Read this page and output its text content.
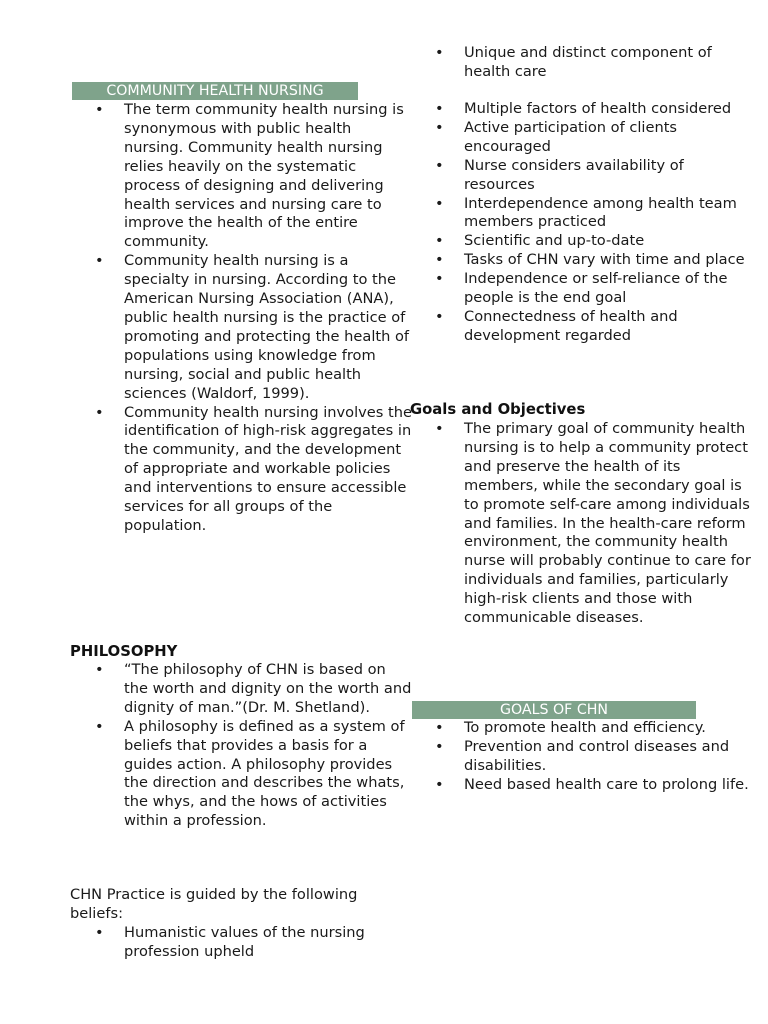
COMMUNITY HEALTH NURSING
• The term community health nursing is synonymous with public health nursing. Community health nursing relies heavily on the systematic process of designing and delivering health services and nursing care to improve the health of the entire community.
• Community health nursing is a specialty in nursing. According to the American Nursing Association (ANA), public health nursing is the practice of promoting and protecting the health of populations using knowledge from nursing, social and public health sciences (Waldorf, 1999).
• Community health nursing involves the identification of high-risk aggregates in the community, and the development of appropriate and workable policies and interventions to ensure accessible services for all groups of the population.
PHILOSOPHY
• “The philosophy of CHN is based on the worth and dignity on the worth and dignity of man.”(Dr. M. Shetland).
• A philosophy is defined as a system of beliefs that provides a basis for a guides action. A philosophy provides the direction and describes the whats, the whys, and the hows of activities within a profession.

CHN Practice is guided by the following beliefs:

• Humanistic values of the nursing profession upheld
• Unique and distinct component of health care
• Multiple factors of health considered
• Active participation of clients encouraged
• Nurse considers availability of resources
• Interdependence among health team members practiced
• Scientific and up-to-date
• Tasks of CHN vary with time and place
• Independence or self-reliance of the people is the end goal
• Connectedness of health and development regarded
Goals and Objectives
• The primary goal of community health nursing is to help a community protect and preserve the health of its members, while the secondary goal is to promote self-care among individuals and families. In the health-care reform environment, the community health nurse will probably continue to care for individuals and families, particularly high-risk clients and those with communicable diseases.
GOALS OF CHN
• To promote health and efficiency.
• Prevention and control diseases and disabilities.
• Need based health care to prolong life.
